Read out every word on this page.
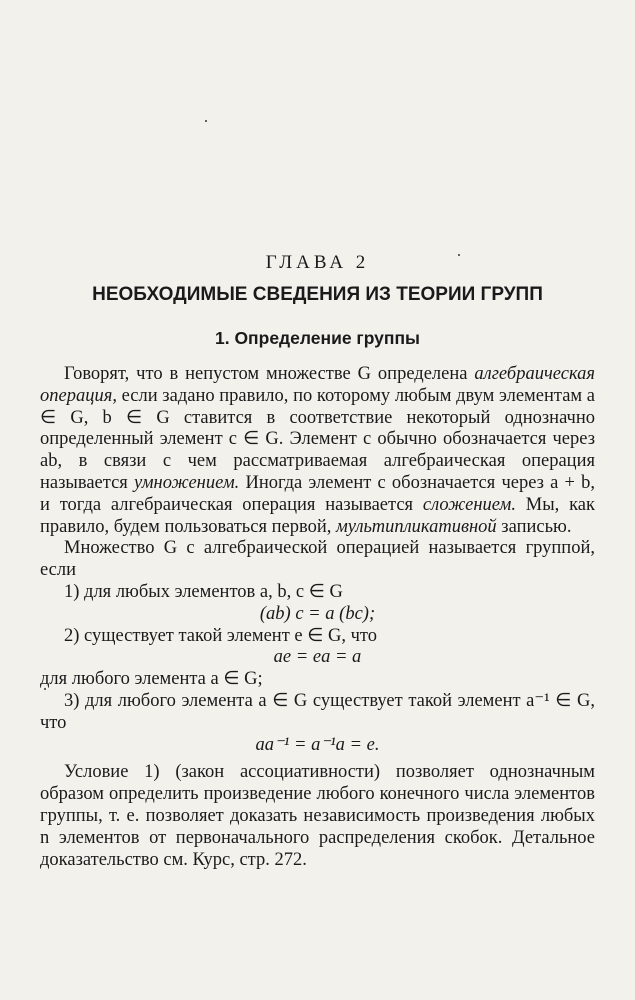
ГЛАВА 2
НЕОБХОДИМЫЕ СВЕДЕНИЯ ИЗ ТЕОРИИ ГРУПП
1. Определение группы

Говорят, что в непустом множестве G определена алгебраическая операция, если задано правило, по которому любым двум элементам a ∈ G, b ∈ G ставится в соответствие некоторый однозначно определенный элемент c ∈ G. Элемент c обычно обозначается через ab, в связи с чем рассматриваемая алгебраическая операция называется умножением. Иногда элемент c обозначается через a + b, и тогда алгебраическая операция называется сложением. Мы, как правило, будем пользоваться первой, мультипликативной записью.

Множество G с алгебраической операцией называется группой, если

1) для любых элементов a, b, c ∈ G

(ab) c = a (bc);

2) существует такой элемент e ∈ G, что

ae = ea = a

для любого элемента a ∈ G;

3) для любого элемента a ∈ G существует такой элемент a⁻¹ ∈ G, что

aa⁻¹ = a⁻¹a = e.

Условие 1) (закон ассоциативности) позволяет однозначным образом определить произведение любого конечного числа элементов группы, т. е. позволяет доказать независимость произведения любых n элементов от первоначального распределения скобок. Детальное доказательство см. Курс, стр. 272.
